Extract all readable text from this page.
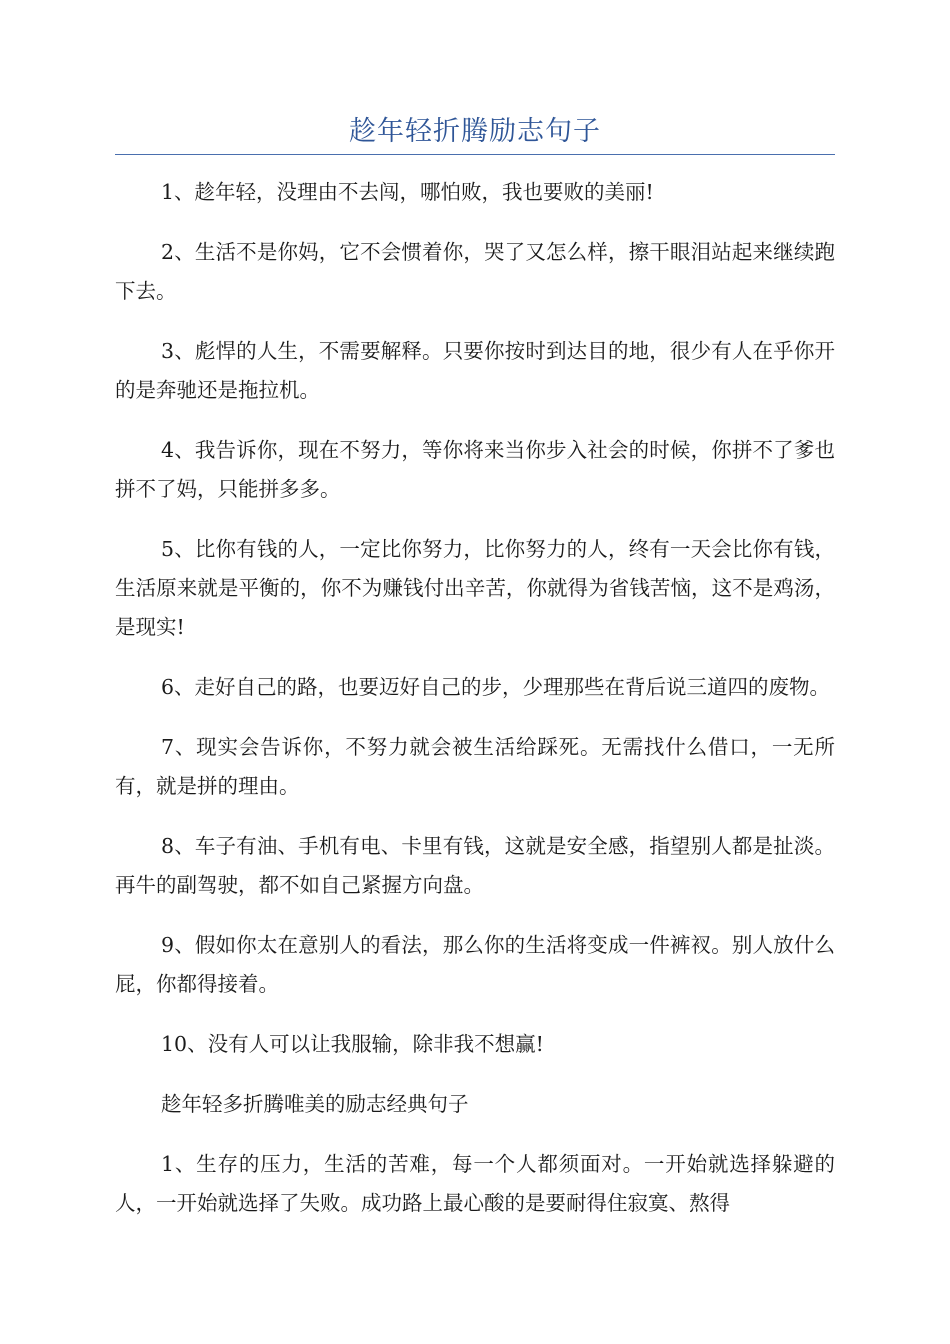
趁年轻折腾励志句子

1、趁年轻，没理由不去闯，哪怕败，我也要败的美丽!

2、生活不是你妈，它不会惯着你，哭了又怎么样，擦干眼泪站起来继续跑下去。

3、彪悍的人生，不需要解释。只要你按时到达目的地，很少有人在乎你开的是奔驰还是拖拉机。

4、我告诉你，现在不努力，等你将来当你步入社会的时候，你拼不了爹也拼不了妈，只能拼多多。

5、比你有钱的人，一定比你努力，比你努力的人，终有一天会比你有钱，生活原来就是平衡的，你不为赚钱付出辛苦，你就得为省钱苦恼，这不是鸡汤，是现实!

6、走好自己的路，也要迈好自己的步，少理那些在背后说三道四的废物。

7、现实会告诉你，不努力就会被生活给踩死。无需找什么借口，一无所有，就是拼的理由。

8、车子有油、手机有电、卡里有钱，这就是安全感，指望别人都是扯淡。再牛的副驾驶，都不如自己紧握方向盘。

9、假如你太在意别人的看法，那么你的生活将变成一件裤衩。别人放什么屁，你都得接着。

10、没有人可以让我服输，除非我不想赢!

趁年轻多折腾唯美的励志经典句子

1、生存的压力，生活的苦难，每一个人都须面对。一开始就选择躲避的人，一开始就选择了失败。成功路上最心酸的是要耐得住寂寞、熬得
